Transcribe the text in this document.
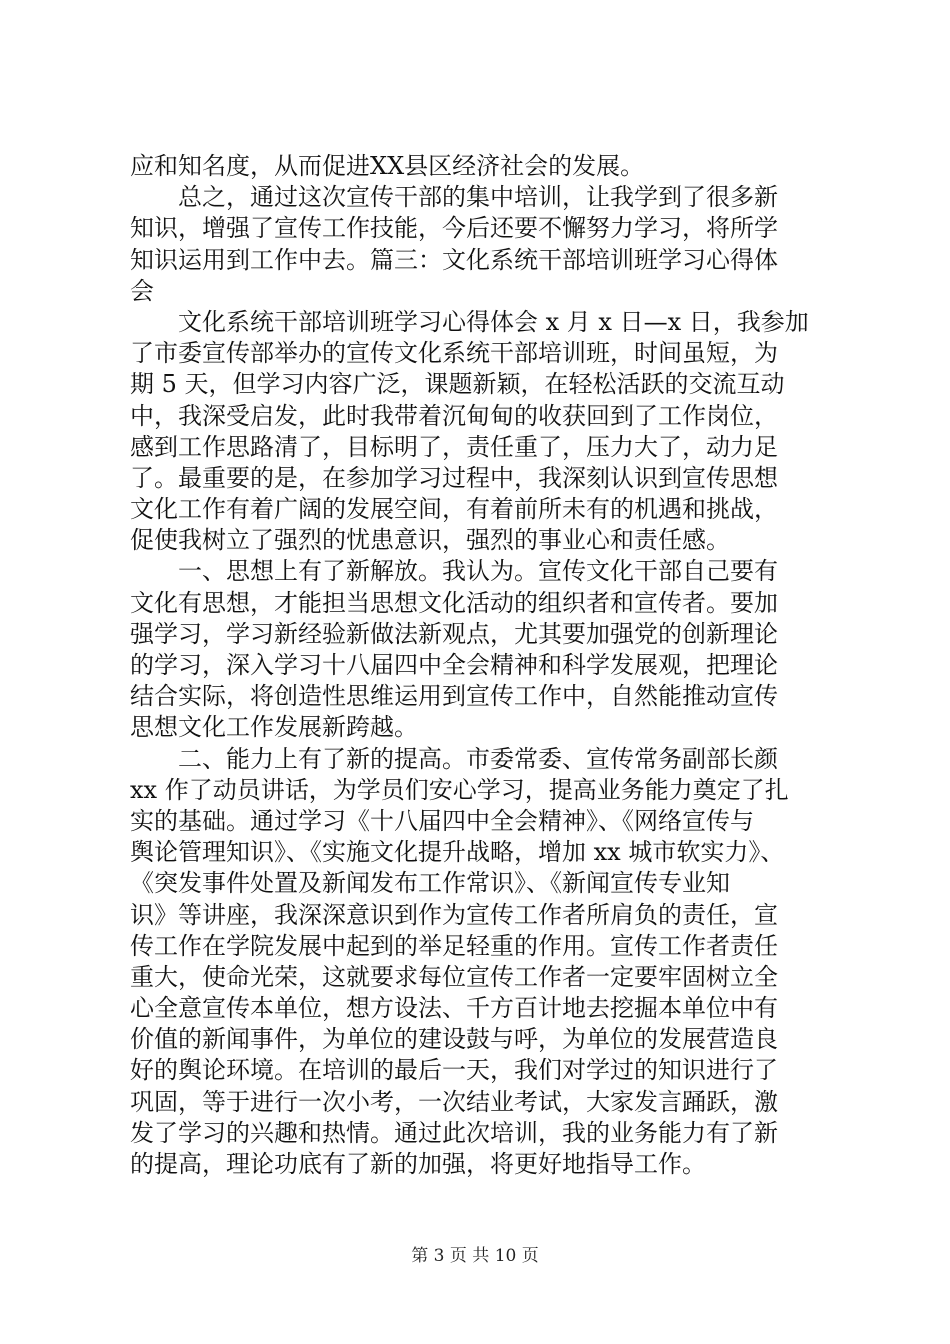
应和知名度，从而促进XX县区经济社会的发展。
总之，通过这次宣传干部的集中培训，让我学到了很多新
知识，增强了宣传工作技能，今后还要不懈努力学习，将所学
知识运用到工作中去。篇三：文化系统干部培训班学习心得体
会
文化系统干部培训班学习心得体会 x 月 x 日—x 日，我参加
了市委宣传部举办的宣传文化系统干部培训班，时间虽短，为
期 5 天，但学习内容广泛，课题新颖，在轻松活跃的交流互动
中，我深受启发，此时我带着沉甸甸的收获回到了工作岗位，
感到工作思路清了，目标明了，责任重了，压力大了，动力足
了。最重要的是，在参加学习过程中，我深刻认识到宣传思想
文化工作有着广阔的发展空间，有着前所未有的机遇和挑战，
促使我树立了强烈的忧患意识，强烈的事业心和责任感。
一、思想上有了新解放。我认为。宣传文化干部自己要有
文化有思想，才能担当思想文化活动的组织者和宣传者。要加
强学习，学习新经验新做法新观点，尤其要加强党的创新理论
的学习，深入学习十八届四中全会精神和科学发展观，把理论
结合实际，将创造性思维运用到宣传工作中，自然能推动宣传
思想文化工作发展新跨越。
二、能力上有了新的提高。市委常委、宣传常务副部长颜
xx 作了动员讲话，为学员们安心学习，提高业务能力奠定了扎
实的基础。通过学习《十八届四中全会精神》、《网络宣传与
舆论管理知识》、《实施文化提升战略，增加 xx 城市软实力》、
《突发事件处置及新闻发布工作常识》、《新闻宣传专业知
识》等讲座，我深深意识到作为宣传工作者所肩负的责任，宣
传工作在学院发展中起到的举足轻重的作用。宣传工作者责任
重大，使命光荣，这就要求每位宣传工作者一定要牢固树立全
心全意宣传本单位，想方设法、千方百计地去挖掘本单位中有
价值的新闻事件，为单位的建设鼓与呼，为单位的发展营造良
好的舆论环境。在培训的最后一天，我们对学过的知识进行了
巩固，等于进行一次小考，一次结业考试，大家发言踊跃，激
发了学习的兴趣和热情。通过此次培训，我的业务能力有了新
的提高，理论功底有了新的加强，将更好地指导工作。
第 3 页 共 10 页
